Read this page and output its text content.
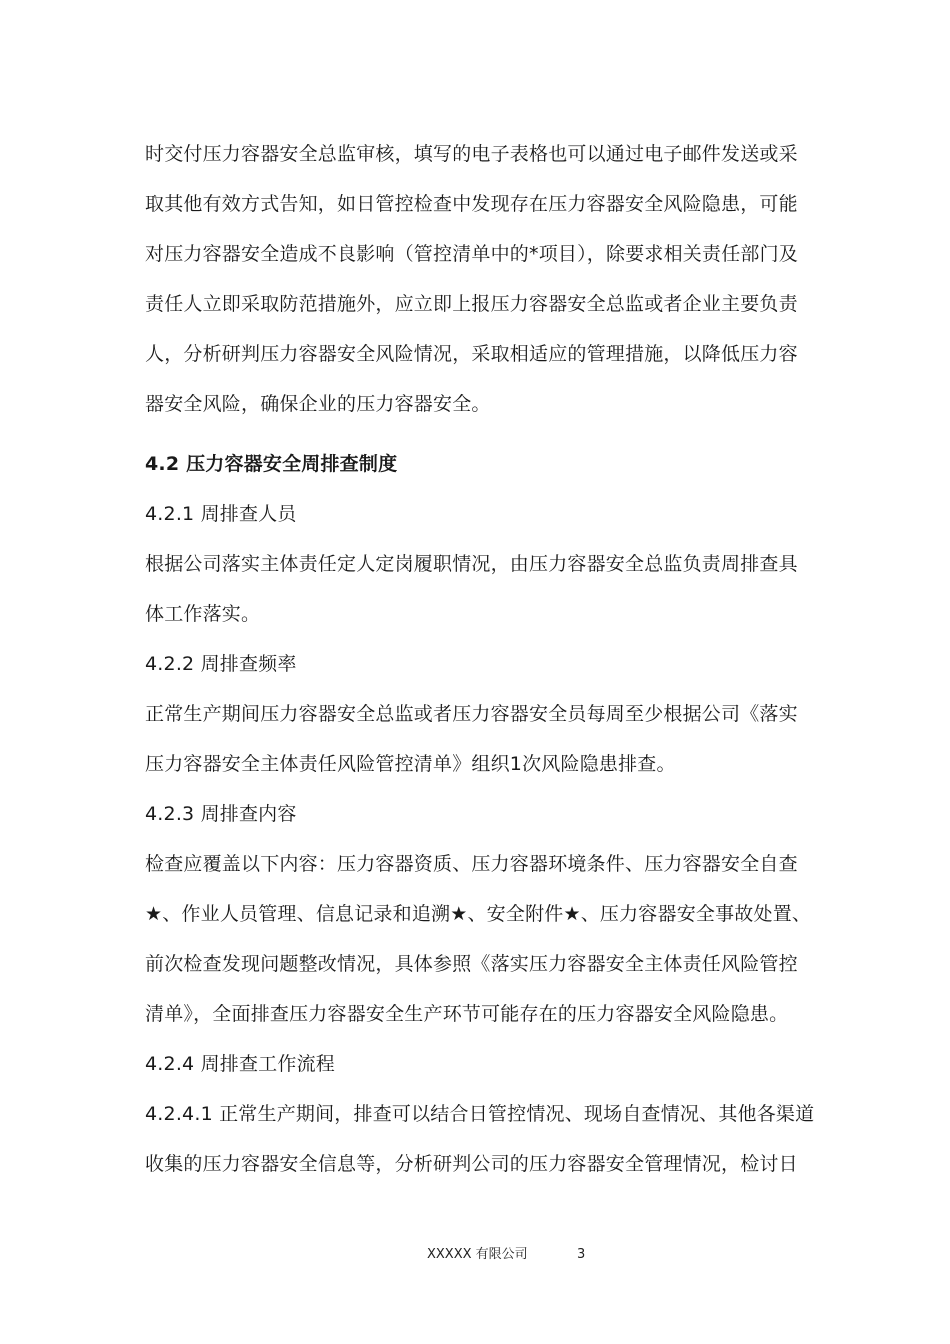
时交付压力容器安全总监审核，填写的电子表格也可以通过电子邮件发送或采
取其他有效方式告知，如日管控检查中发现存在压力容器安全风险隐患，可能
对压力容器安全造成不良影响（管控清单中的*项目），除要求相关责任部门及
责任人立即采取防范措施外，应立即上报压力容器安全总监或者企业主要负责
人，分析研判压力容器安全风险情况，采取相适应的管理措施，以降低压力容
器安全风险，确保企业的压力容器安全。
4.2 压力容器安全周排查制度
4.2.1 周排查人员
根据公司落实主体责任定人定岗履职情况，由压力容器安全总监负责周排查具
体工作落实。
4.2.2 周排查频率
正常生产期间压力容器安全总监或者压力容器安全员每周至少根据公司《落实
压力容器安全主体责任风险管控清单》组织1次风险隐患排查。
4.2.3 周排查内容
检查应覆盖以下内容：压力容器资质、压力容器环境条件、压力容器安全自查
★、作业人员管理、信息记录和追溯★、安全附件★、压力容器安全事故处置、
前次检查发现问题整改情况，具体参照《落实压力容器安全主体责任风险管控
清单》，全面排查压力容器安全生产环节可能存在的压力容器安全风险隐患。
4.2.4 周排查工作流程
4.2.4.1 正常生产期间，排查可以结合日管控情况、现场自查情况、其他各渠道
收集的压力容器安全信息等，分析研判公司的压力容器安全管理情况，检讨日
XXXXX 有限公司	3
